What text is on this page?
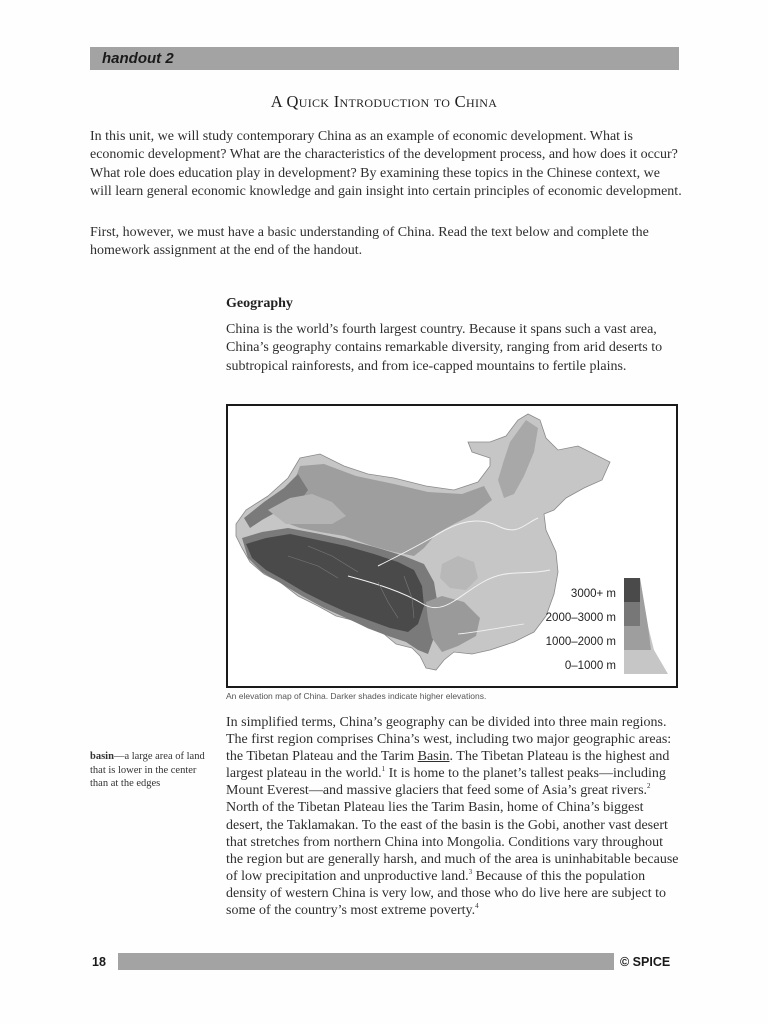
handout 2
A Quick Introduction to China

In this unit, we will study contemporary China as an example of economic development. What is economic development? What are the characteristics of the development process, and how does it occur? What role does education play in development? By examining these topics in the Chinese context, we will learn general economic knowledge and gain insight into certain principles of economic development.

First, however, we must have a basic understanding of China. Read the text below and complete the homework assignment at the end of the handout.

Geography

China is the world’s fourth largest country. Because it spans such a vast area, China’s geography contains remarkable diversity, ranging from arid deserts to subtropical rainforests, and from ice-capped mountains to fertile plains.

3000+ m
2000–3000 m
1000–2000 m
0–1000 m

An elevation map of China. Darker shades indicate higher elevations.

basin—a large area of land that is lower in the center than at the edges

In simplified terms, China’s geography can be divided into three main regions. The first region comprises China’s west, including two major geographic areas: the Tibetan Plateau and the Tarim Basin. The Tibetan Plateau is the highest and largest plateau in the world.$^1$ It is home to the planet’s tallest peaks—including Mount Everest—and massive glaciers that feed some of Asia’s great rivers.$^2$ North of the Tibetan Plateau lies the Tarim Basin, home of China’s biggest desert, the Taklamakan. To the east of the basin is the Gobi, another vast desert that stretches from northern China into Mongolia. Conditions vary throughout the region but are generally harsh, and much of the area is uninhabitable because of low precipitation and unproductive land.$^3$ Because of this the population density of western China is very low, and those who do live here are subject to some of the country’s most extreme poverty.$^4$

18	© SPICE
